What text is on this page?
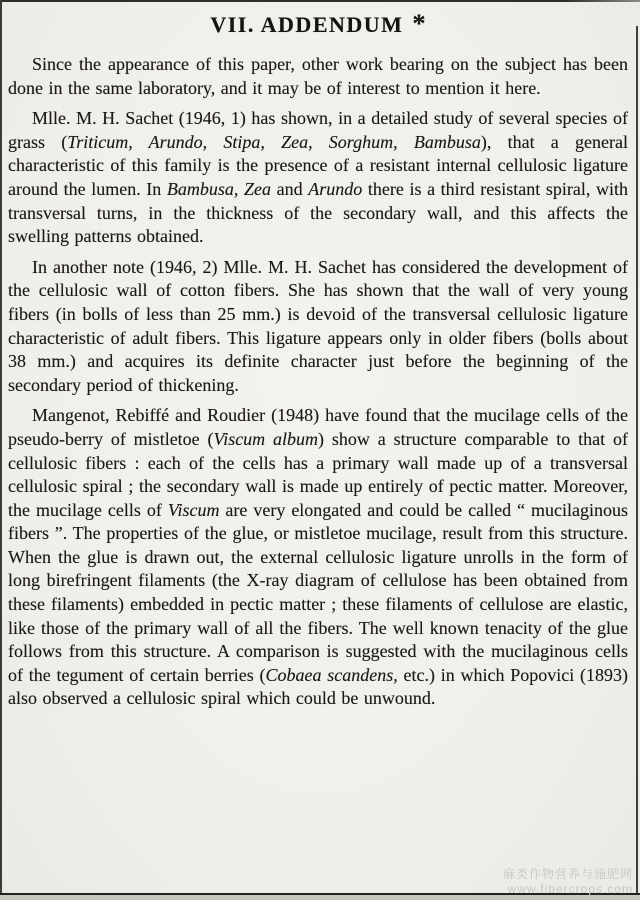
VII. ADDENDUM *

Since the appearance of this paper, other work bearing on the subject has been done in the same laboratory, and it may be of interest to mention it here.

Mlle. M. H. Sachet (1946, 1) has shown, in a detailed study of several species of grass (Triticum, Arundo, Stipa, Zea, Sorghum, Bambusa), that a general characteristic of this family is the presence of a resistant internal cellulosic ligature around the lumen. In Bambusa, Zea and Arundo there is a third resistant spiral, with transversal turns, in the thickness of the secondary wall, and this affects the swelling patterns obtained.

In another note (1946, 2) Mlle. M. H. Sachet has considered the development of the cellulosic wall of cotton fibers. She has shown that the wall of very young fibers (in bolls of less than 25 mm.) is devoid of the transversal cellulosic ligature characteristic of adult fibers. This ligature appears only in older fibers (bolls about 38 mm.) and acquires its definite character just before the beginning of the secondary period of thickening.

Mangenot, Rebiffé and Roudier (1948) have found that the mucilage cells of the pseudo-berry of mistletoe (Viscum album) show a structure comparable to that of cellulosic fibers : each of the cells has a primary wall made up of a transversal cellulosic spiral ; the secondary wall is made up entirely of pectic matter. Moreover, the mucilage cells of Viscum are very elongated and could be called “ mucilaginous fibers ”. The properties of the glue, or mistletoe mucilage, result from this structure. When the glue is drawn out, the external cellulosic ligature unrolls in the form of long birefringent filaments (the X-ray diagram of cellulose has been obtained from these filaments) embedded in pectic matter ; these filaments of cellulose are elastic, like those of the primary wall of all the fibers. The well known tenacity of the glue follows from this structure. A comparison is suggested with the mucilaginous cells of the tegument of certain berries (Cobaea scandens, etc.) in which Popovici (1893) also observed a cellulosic spiral which could be unwound.

麻类作物营养与施肥网
www.fibercrops.com
